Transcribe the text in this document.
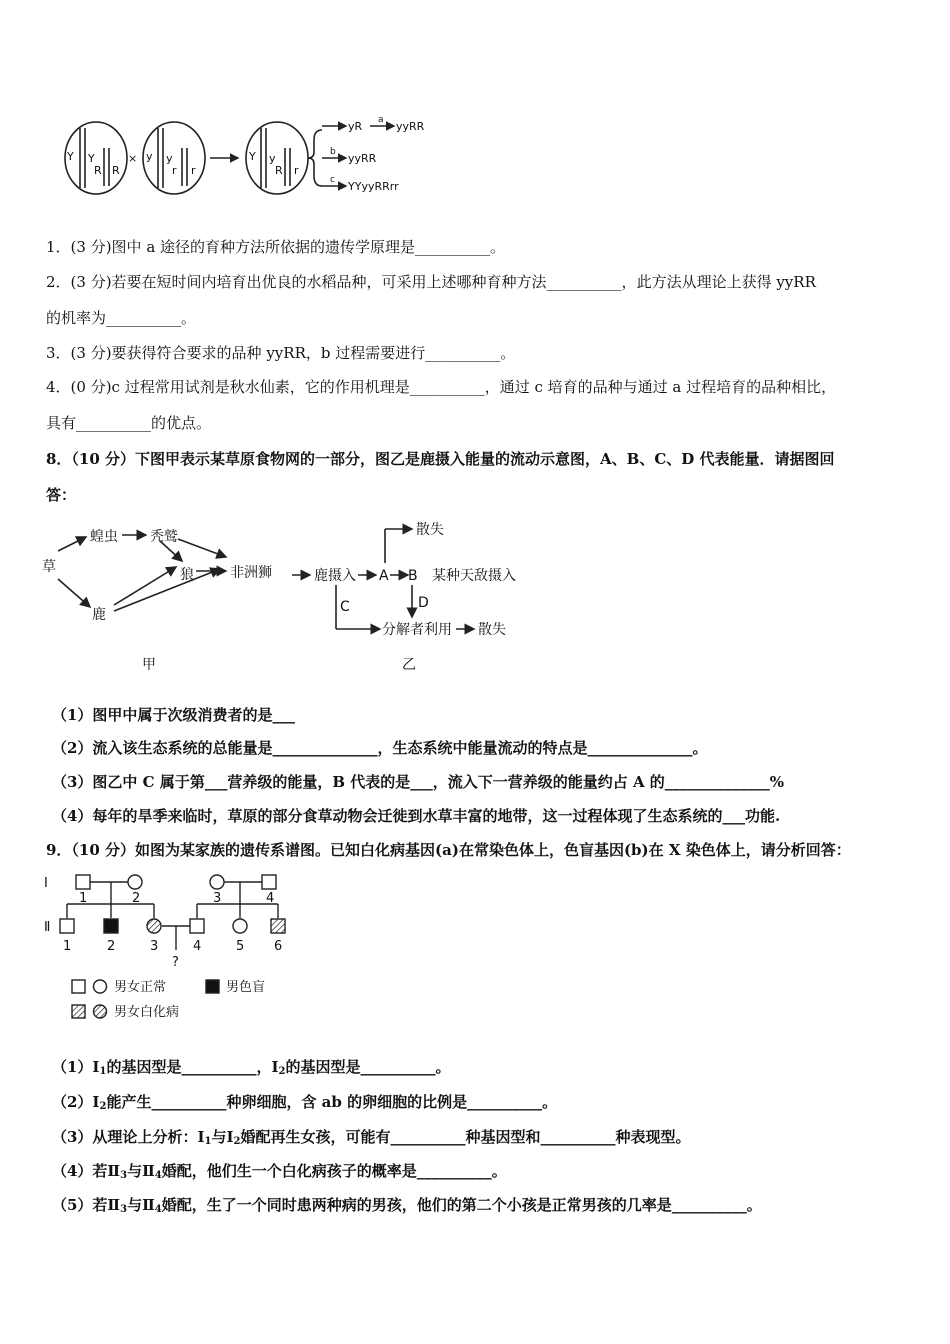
Y Y
R R
× y y
r r
Y y
R r
yR a yyRR
b yyRR
c YYyyRRrr
1．(3 分)图中 a 途径的育种方法所依据的遗传学原理是__________。
2．(3 分)若要在短时间内培育出优良的水稻品种，可采用上述哪种育种方法__________，此方法从理论上获得 yyRR
的机率为__________。
3．(3 分)要获得符合要求的品种 yyRR，b 过程需要进行__________。
4．(0 分)c 过程常用试剂是秋水仙素，它的作用机理是__________，通过 c 培育的品种与通过 a 过程培育的品种相比，
具有__________的优点。
8．（10 分）下图甲表示某草原食物网的一部分，图乙是鹿摄入能量的流动示意图，A、B、C、D 代表能量．请据图回
答：
草
蝗虫 秃鹫
狼
鹿
非洲狮
甲
鹿摄入 A B 某种天敌摄入
散失
C	D
分解者利用 散失
乙
（1）图甲中属于次级消费者的是___
（2）流入该生态系统的总能量是______________，生态系统中能量流动的特点是______________。
（3）图乙中 C 属于第___营养级的能量，B 代表的是___，流入下一营养级的能量约占 A 的______________%
（4）每年的旱季来临时，草原的部分食草动物会迁徙到水草丰富的地带，这一过程体现了生态系统的___功能.
9．（10 分）如图为某家族的遗传系谱图。已知白化病基因(a)在常染色体上，色盲基因(b)在 X 染色体上，请分析回答：
Ⅰ
Ⅱ
1	2	3	4
1	2	3	4	5 6
?
男女正常	男色盲
男女白化病
$(1)Ⅰ_1$的基因型是__________，$Ⅰ_2$的基因型是__________。
$(2)Ⅰ_2$能产生__________种卵细胞，含 ab 的卵细胞的比例是__________。
（3）从理论上分析：$Ⅰ_1$与$Ⅰ_2$婚配再生女孩，可能有__________种基因型和__________种表现型。
（4）若$Ⅱ_3$与$Ⅱ_4$婚配，他们生一个白化病孩子的概率是__________。
（5）若$Ⅱ_3$与$Ⅱ_4$婚配，生了一个同时患两种病的男孩，他们的第二个小孩是正常男孩的几率是__________。
